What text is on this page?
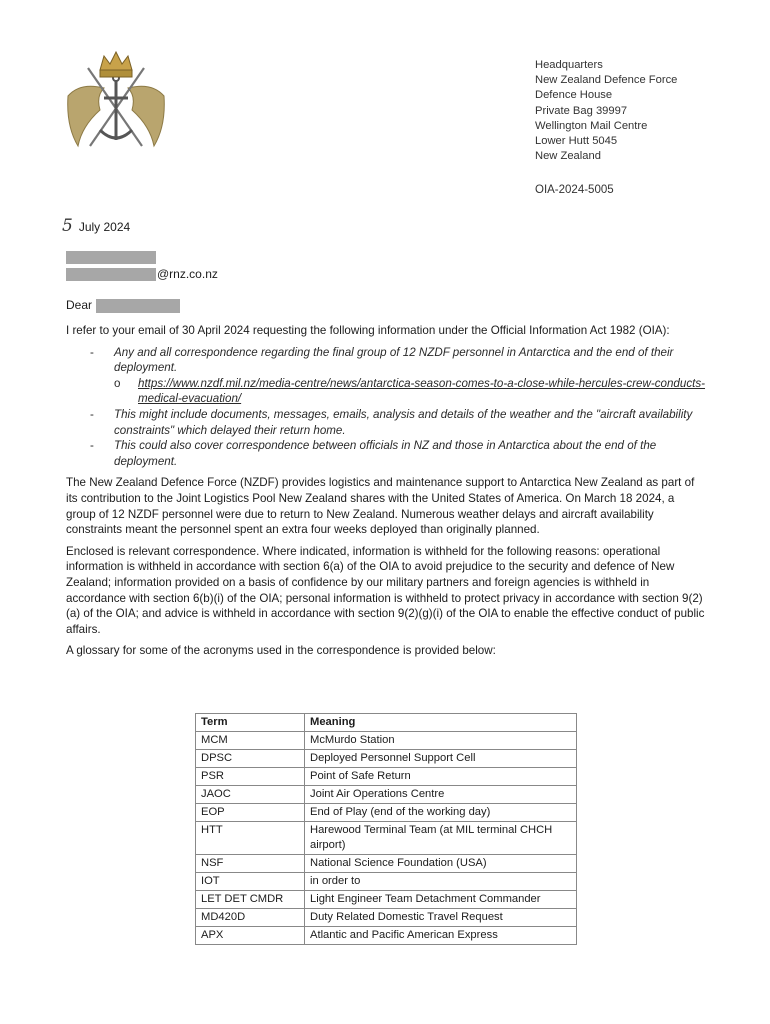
Headquarters
New Zealand Defence Force
Defence House
Private Bag 39997
Wellington Mail Centre
Lower Hutt 5045
New Zealand
OIA-2024-5005
5 July 2024
@rnz.co.nz
Dear

I refer to your email of 30 April 2024 requesting the following information under the Official Information Act 1982 (OIA):

- Any and all correspondence regarding the final group of 12 NZDF personnel in Antarctica and the end of their deployment.
o https://www.nzdf.mil.nz/media-centre/news/antarctica-season-comes-to-a-close-while-hercules-crew-conducts-medical-evacuation/
- This might include documents, messages, emails, analysis and details of the weather and the "aircraft availability constraints" which delayed their return home.
- This could also cover correspondence between officials in NZ and those in Antarctica about the end of the deployment.

The New Zealand Defence Force (NZDF) provides logistics and maintenance support to Antarctica New Zealand as part of its contribution to the Joint Logistics Pool New Zealand shares with the United States of America. On March 18 2024, a group of 12 NZDF personnel were due to return to New Zealand. Numerous weather delays and aircraft availability constraints meant the personnel spent an extra four weeks deployed than originally planned.

Enclosed is relevant correspondence. Where indicated, information is withheld for the following reasons: operational information is withheld in accordance with section 6(a) of the OIA to avoid prejudice to the security and defence of New Zealand; information provided on a basis of confidence by our military partners and foreign agencies is withheld in accordance with section 6(b)(i) of the OIA; personal information is withheld to protect privacy in accordance with section 9(2)(a) of the OIA; and advice is withheld in accordance with section 9(2)(g)(i) of the OIA to enable the effective conduct of public affairs.

A glossary for some of the acronyms used in the correspondence is provided below:

Term	Meaning
MCM	McMurdo Station
DPSC	Deployed Personnel Support Cell
PSR	Point of Safe Return
JAOC	Joint Air Operations Centre
EOP	End of Play (end of the working day)
HTT	Harewood Terminal Team (at MIL terminal CHCH airport)
NSF	National Science Foundation (USA)
IOT	in order to
LET DET CMDR	Light Engineer Team Detachment Commander
MD420D	Duty Related Domestic Travel Request
APX	Atlantic and Pacific American Express
